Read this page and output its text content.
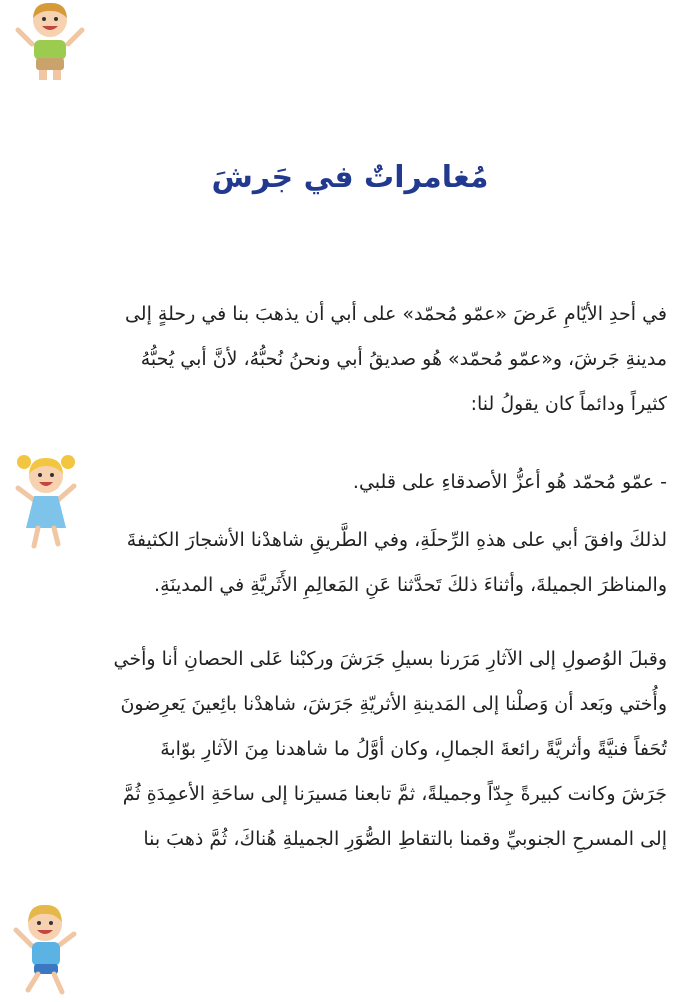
مُغامراتٌ في جَرشَ
في أحدِ الأيّامِ عَرضَ «عمّو مُحمّد» على أبي أن يذهبَ بنا في رحلةٍ إلى
مدينةِ جَرشَ، و«عمّو مُحمّد» هُو صديقُ أبي ونحنُ نُحبُّهُ، لأنَّ أبي يُحبُّهُ
كثيراً ودائماً كان يقولُ لنا:
- عمّو مُحمّد هُو أعزُّ الأصدقاءِ على قلبي.
لذلكَ وافقَ أبي على هذهِ الرِّحلَةِ، وفي الطَّريقِ شاهدْنا الأشجارَ الكثيفةَ
والمناظرَ الجميلةَ، وأثناءَ ذلكَ تَحدَّثنا عَنِ المَعالِمِ الأَثَريَّةِ في المدينَةِ.
وقبلَ الوُصولِ إلى الآثارِ مَرَرنا بسيلِ جَرَشَ وركبْنا عَلى الحصانِ أنا وأخي
وأُختي وبَعد أن وَصلْنا إلى المَدينةِ الأثريّةِ جَرَشَ، شاهدْنا بائِعينَ يَعرِضونَ
تُحَفاً فنيَّةً وأثريَّةً رائعةَ الجمالِ، وكان أوَّلُ ما شاهدنا مِنَ الآثارِ بوّابةَ
جَرَشَ وكانت كبيرةً جِدّاً وجميلةً، ثمَّ تابعنا مَسيرَنا إلى ساحَةِ الأعمِدَةِ ثُمَّ
إلى المسرحِ الجنوبيِّ وقمنا بالتقاطِ الصُّوَرِ الجميلةِ هُناكَ، ثُمَّ ذهبَ بنا
